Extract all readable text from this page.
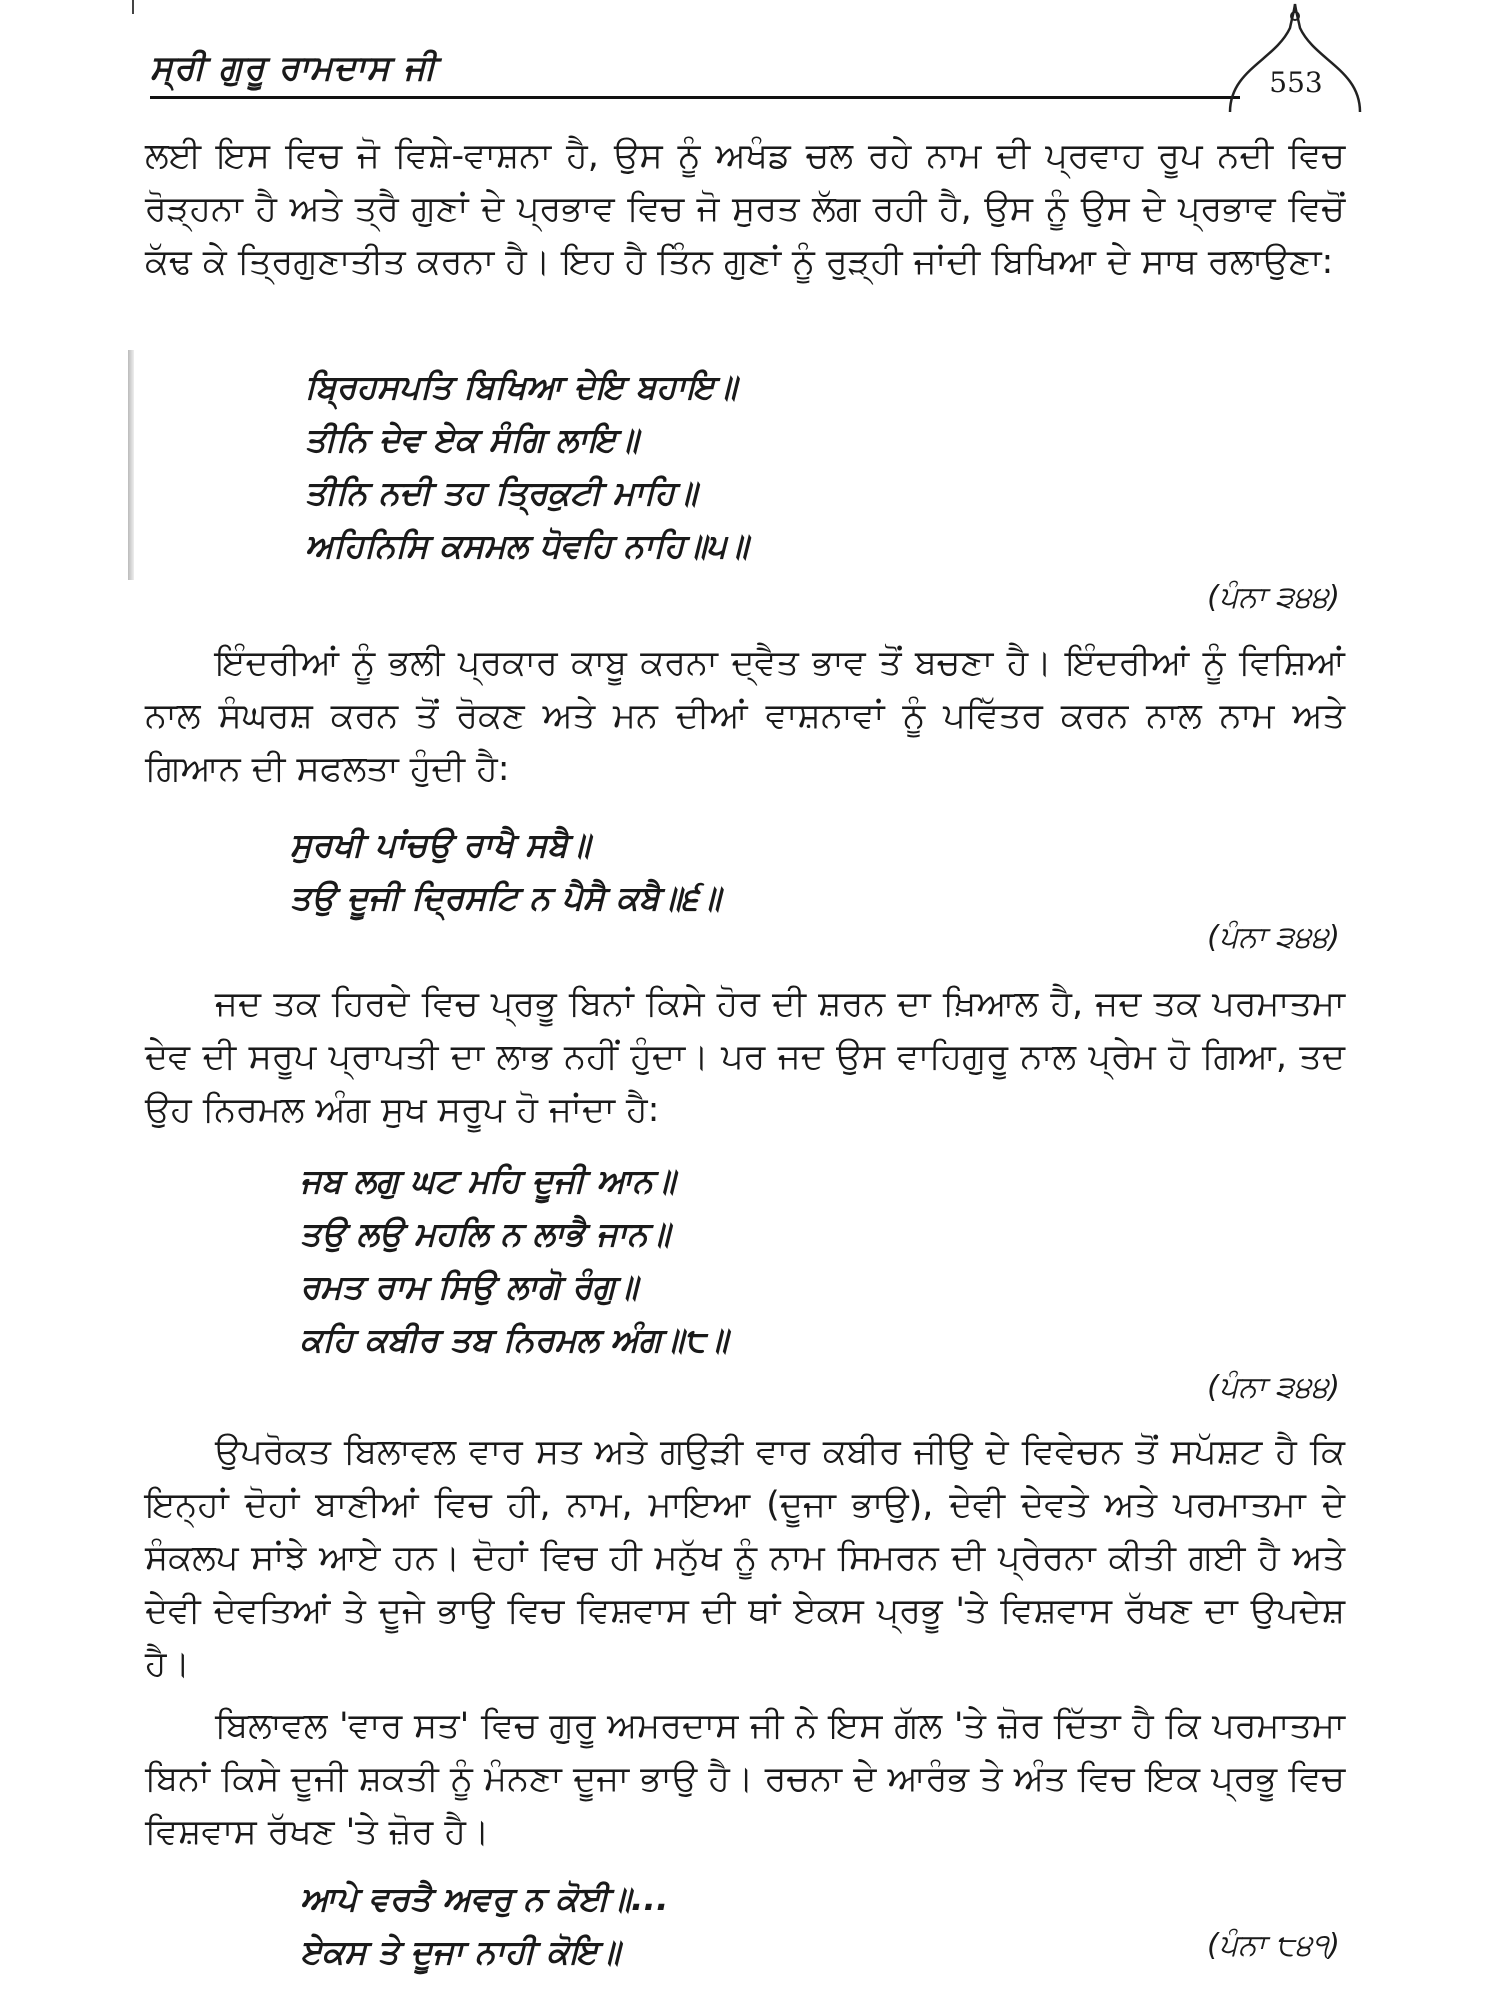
ਸ੍ਰੀ ਗੁਰੂ ਰਾਮਦਾਸ ਜੀ	553

ਲਈ ਇਸ ਵਿਚ ਜੋ ਵਿਸ਼ੇ-ਵਾਸ਼ਨਾ ਹੈ, ਉਸ ਨੂੰ ਅਖੰਡ ਚਲ ਰਹੇ ਨਾਮ ਦੀ ਪ੍ਰਵਾਹ ਰੂਪ ਨਦੀ ਵਿਚ ਰੋੜ੍ਹਨਾ ਹੈ ਅਤੇ ਤ੍ਰੈ ਗੁਣਾਂ ਦੇ ਪ੍ਰਭਾਵ ਵਿਚ ਜੋ ਸੁਰਤ ਲੱਗ ਰਹੀ ਹੈ, ਉਸ ਨੂੰ ਉਸ ਦੇ ਪ੍ਰਭਾਵ ਵਿਚੋਂ ਕੱਢ ਕੇ ਤ੍ਰਿਗੁਣਾਤੀਤ ਕਰਨਾ ਹੈ। ਇਹ ਹੈ ਤਿੰਨ ਗੁਣਾਂ ਨੂੰ ਰੁੜ੍ਹੀ ਜਾਂਦੀ ਬਿਖਿਆ ਦੇ ਸਾਥ ਰਲਾਉਣਾ:

ਬ੍ਰਿਹਸਪਤਿ ਬਿਖਿਆ ਦੇਇ ਬਹਾਇ॥
ਤੀਨਿ ਦੇਵ ਏਕ ਸੰਗਿ ਲਾਇ॥
ਤੀਨਿ ਨਦੀ ਤਹ ਤ੍ਰਿਕੁਟੀ ਮਾਹਿ॥
ਅਹਿਨਿਸਿ ਕਸਮਲ ਧੋਵਹਿ ਨਾਹਿ॥੫॥
(ਪੰਨਾ ੩੪੪)

ਇੰਦਰੀਆਂ ਨੂੰ ਭਲੀ ਪ੍ਰਕਾਰ ਕਾਬੂ ਕਰਨਾ ਦ੍ਵੈਤ ਭਾਵ ਤੋਂ ਬਚਣਾ ਹੈ। ਇੰਦਰੀਆਂ ਨੂੰ ਵਿਸ਼ਿਆਂ ਨਾਲ ਸੰਘਰਸ਼ ਕਰਨ ਤੋਂ ਰੋਕਣ ਅਤੇ ਮਨ ਦੀਆਂ ਵਾਸ਼ਨਾਵਾਂ ਨੂੰ ਪਵਿੱਤਰ ਕਰਨ ਨਾਲ ਨਾਮ ਅਤੇ ਗਿਆਨ ਦੀ ਸਫਲਤਾ ਹੁੰਦੀ ਹੈ:

ਸੁਰਖੀ ਪਾਂਚਉ ਰਾਖੈ ਸਬੈ॥
ਤਉ ਦੂਜੀ ਦ੍ਰਿਸਟਿ ਨ ਪੈਸੈ ਕਬੈ॥੬॥
(ਪੰਨਾ ੩੪੪)

ਜਦ ਤਕ ਹਿਰਦੇ ਵਿਚ ਪ੍ਰਭੂ ਬਿਨਾਂ ਕਿਸੇ ਹੋਰ ਦੀ ਸ਼ਰਨ ਦਾ ਖ਼ਿਆਲ ਹੈ, ਜਦ ਤਕ ਪਰਮਾਤਮਾ ਦੇਵ ਦੀ ਸਰੂਪ ਪ੍ਰਾਪਤੀ ਦਾ ਲਾਭ ਨਹੀਂ ਹੁੰਦਾ। ਪਰ ਜਦ ਉਸ ਵਾਹਿਗੁਰੂ ਨਾਲ ਪ੍ਰੇਮ ਹੋ ਗਿਆ, ਤਦ ਉਹ ਨਿਰਮਲ ਅੰਗ ਸੁਖ ਸਰੂਪ ਹੋ ਜਾਂਦਾ ਹੈ:

ਜਬ ਲਗੁ ਘਟ ਮਹਿ ਦੂਜੀ ਆਨ॥
ਤਉ ਲਉ ਮਹਲਿ ਨ ਲਾਭੈ ਜਾਨ॥
ਰਮਤ ਰਾਮ ਸਿਉ ਲਾਗੋ ਰੰਗੁ॥
ਕਹਿ ਕਬੀਰ ਤਬ ਨਿਰਮਲ ਅੰਗ॥੮॥
(ਪੰਨਾ ੩੪੪)

ਉਪਰੋਕਤ ਬਿਲਾਵਲ ਵਾਰ ਸਤ ਅਤੇ ਗਉੜੀ ਵਾਰ ਕਬੀਰ ਜੀਉ ਦੇ ਵਿਵੇਚਨ ਤੋਂ ਸਪੱਸ਼ਟ ਹੈ ਕਿ ਇਨ੍ਹਾਂ ਦੋਹਾਂ ਬਾਣੀਆਂ ਵਿਚ ਹੀ, ਨਾਮ, ਮਾਇਆ (ਦੂਜਾ ਭਾਉ), ਦੇਵੀ ਦੇਵਤੇ ਅਤੇ ਪਰਮਾਤਮਾ ਦੇ ਸੰਕਲਪ ਸਾਂਝੇ ਆਏ ਹਨ। ਦੋਹਾਂ ਵਿਚ ਹੀ ਮਨੁੱਖ ਨੂੰ ਨਾਮ ਸਿਮਰਨ ਦੀ ਪ੍ਰੇਰਨਾ ਕੀਤੀ ਗਈ ਹੈ ਅਤੇ ਦੇਵੀ ਦੇਵਤਿਆਂ ਤੇ ਦੂਜੇ ਭਾਉ ਵਿਚ ਵਿਸ਼ਵਾਸ ਦੀ ਥਾਂ ਏਕਸ ਪ੍ਰਭੂ 'ਤੇ ਵਿਸ਼ਵਾਸ ਰੱਖਣ ਦਾ ਉਪਦੇਸ਼ ਹੈ।

ਬਿਲਾਵਲ 'ਵਾਰ ਸਤ' ਵਿਚ ਗੁਰੂ ਅਮਰਦਾਸ ਜੀ ਨੇ ਇਸ ਗੱਲ 'ਤੇ ਜ਼ੋਰ ਦਿੱਤਾ ਹੈ ਕਿ ਪਰਮਾਤਮਾ ਬਿਨਾਂ ਕਿਸੇ ਦੂਜੀ ਸ਼ਕਤੀ ਨੂੰ ਮੰਨਣਾ ਦੂਜਾ ਭਾਉ ਹੈ। ਰਚਨਾ ਦੇ ਆਰੰਭ ਤੇ ਅੰਤ ਵਿਚ ਇਕ ਪ੍ਰਭੂ ਵਿਚ ਵਿਸ਼ਵਾਸ ਰੱਖਣ 'ਤੇ ਜ਼ੋਰ ਹੈ।

ਆਪੇ ਵਰਤੈ ਅਵਰੁ ਨ ਕੋਈ॥...
ਏਕਸ ਤੇ ਦੂਜਾ ਨਾਹੀ ਕੋਇ॥	(ਪੰਨਾ ੮੪੧)
